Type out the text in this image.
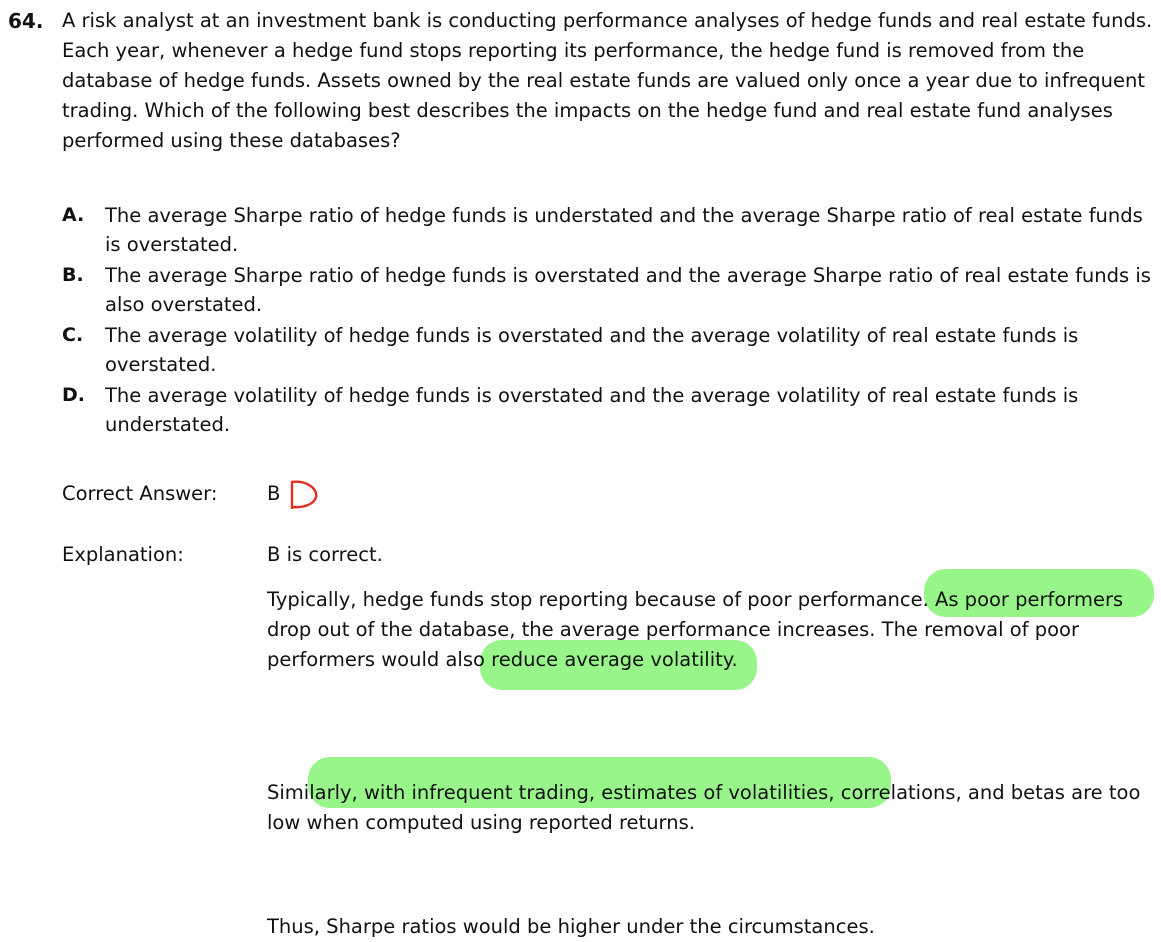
64. A risk analyst at an investment bank is conducting performance analyses of hedge funds and real estate funds.
Each year, whenever a hedge fund stops reporting its performance, the hedge fund is removed from the
database of hedge funds. Assets owned by the real estate funds are valued only once a year due to infrequent
trading. Which of the following best describes the impacts on the hedge fund and real estate fund analyses
performed using these databases?
A. The average Sharpe ratio of hedge funds is understated and the average Sharpe ratio of real estate funds
is overstated.
B. The average Sharpe ratio of hedge funds is overstated and the average Sharpe ratio of real estate funds is
also overstated.
C. The average volatility of hedge funds is overstated and the average volatility of real estate funds is
overstated.
D. The average volatility of hedge funds is overstated and the average volatility of real estate funds is
understated.
Correct Answer:	B
Explanation:	B is correct.
Typically, hedge funds stop reporting because of poor performance. As poor performers
drop out of the database, the average performance increases. The removal of poor
performers would also reduce average volatility.
Similarly, with infrequent trading, estimates of volatilities, correlations, and betas are too
low when computed using reported returns.
Thus, Sharpe ratios would be higher under the circumstances.
